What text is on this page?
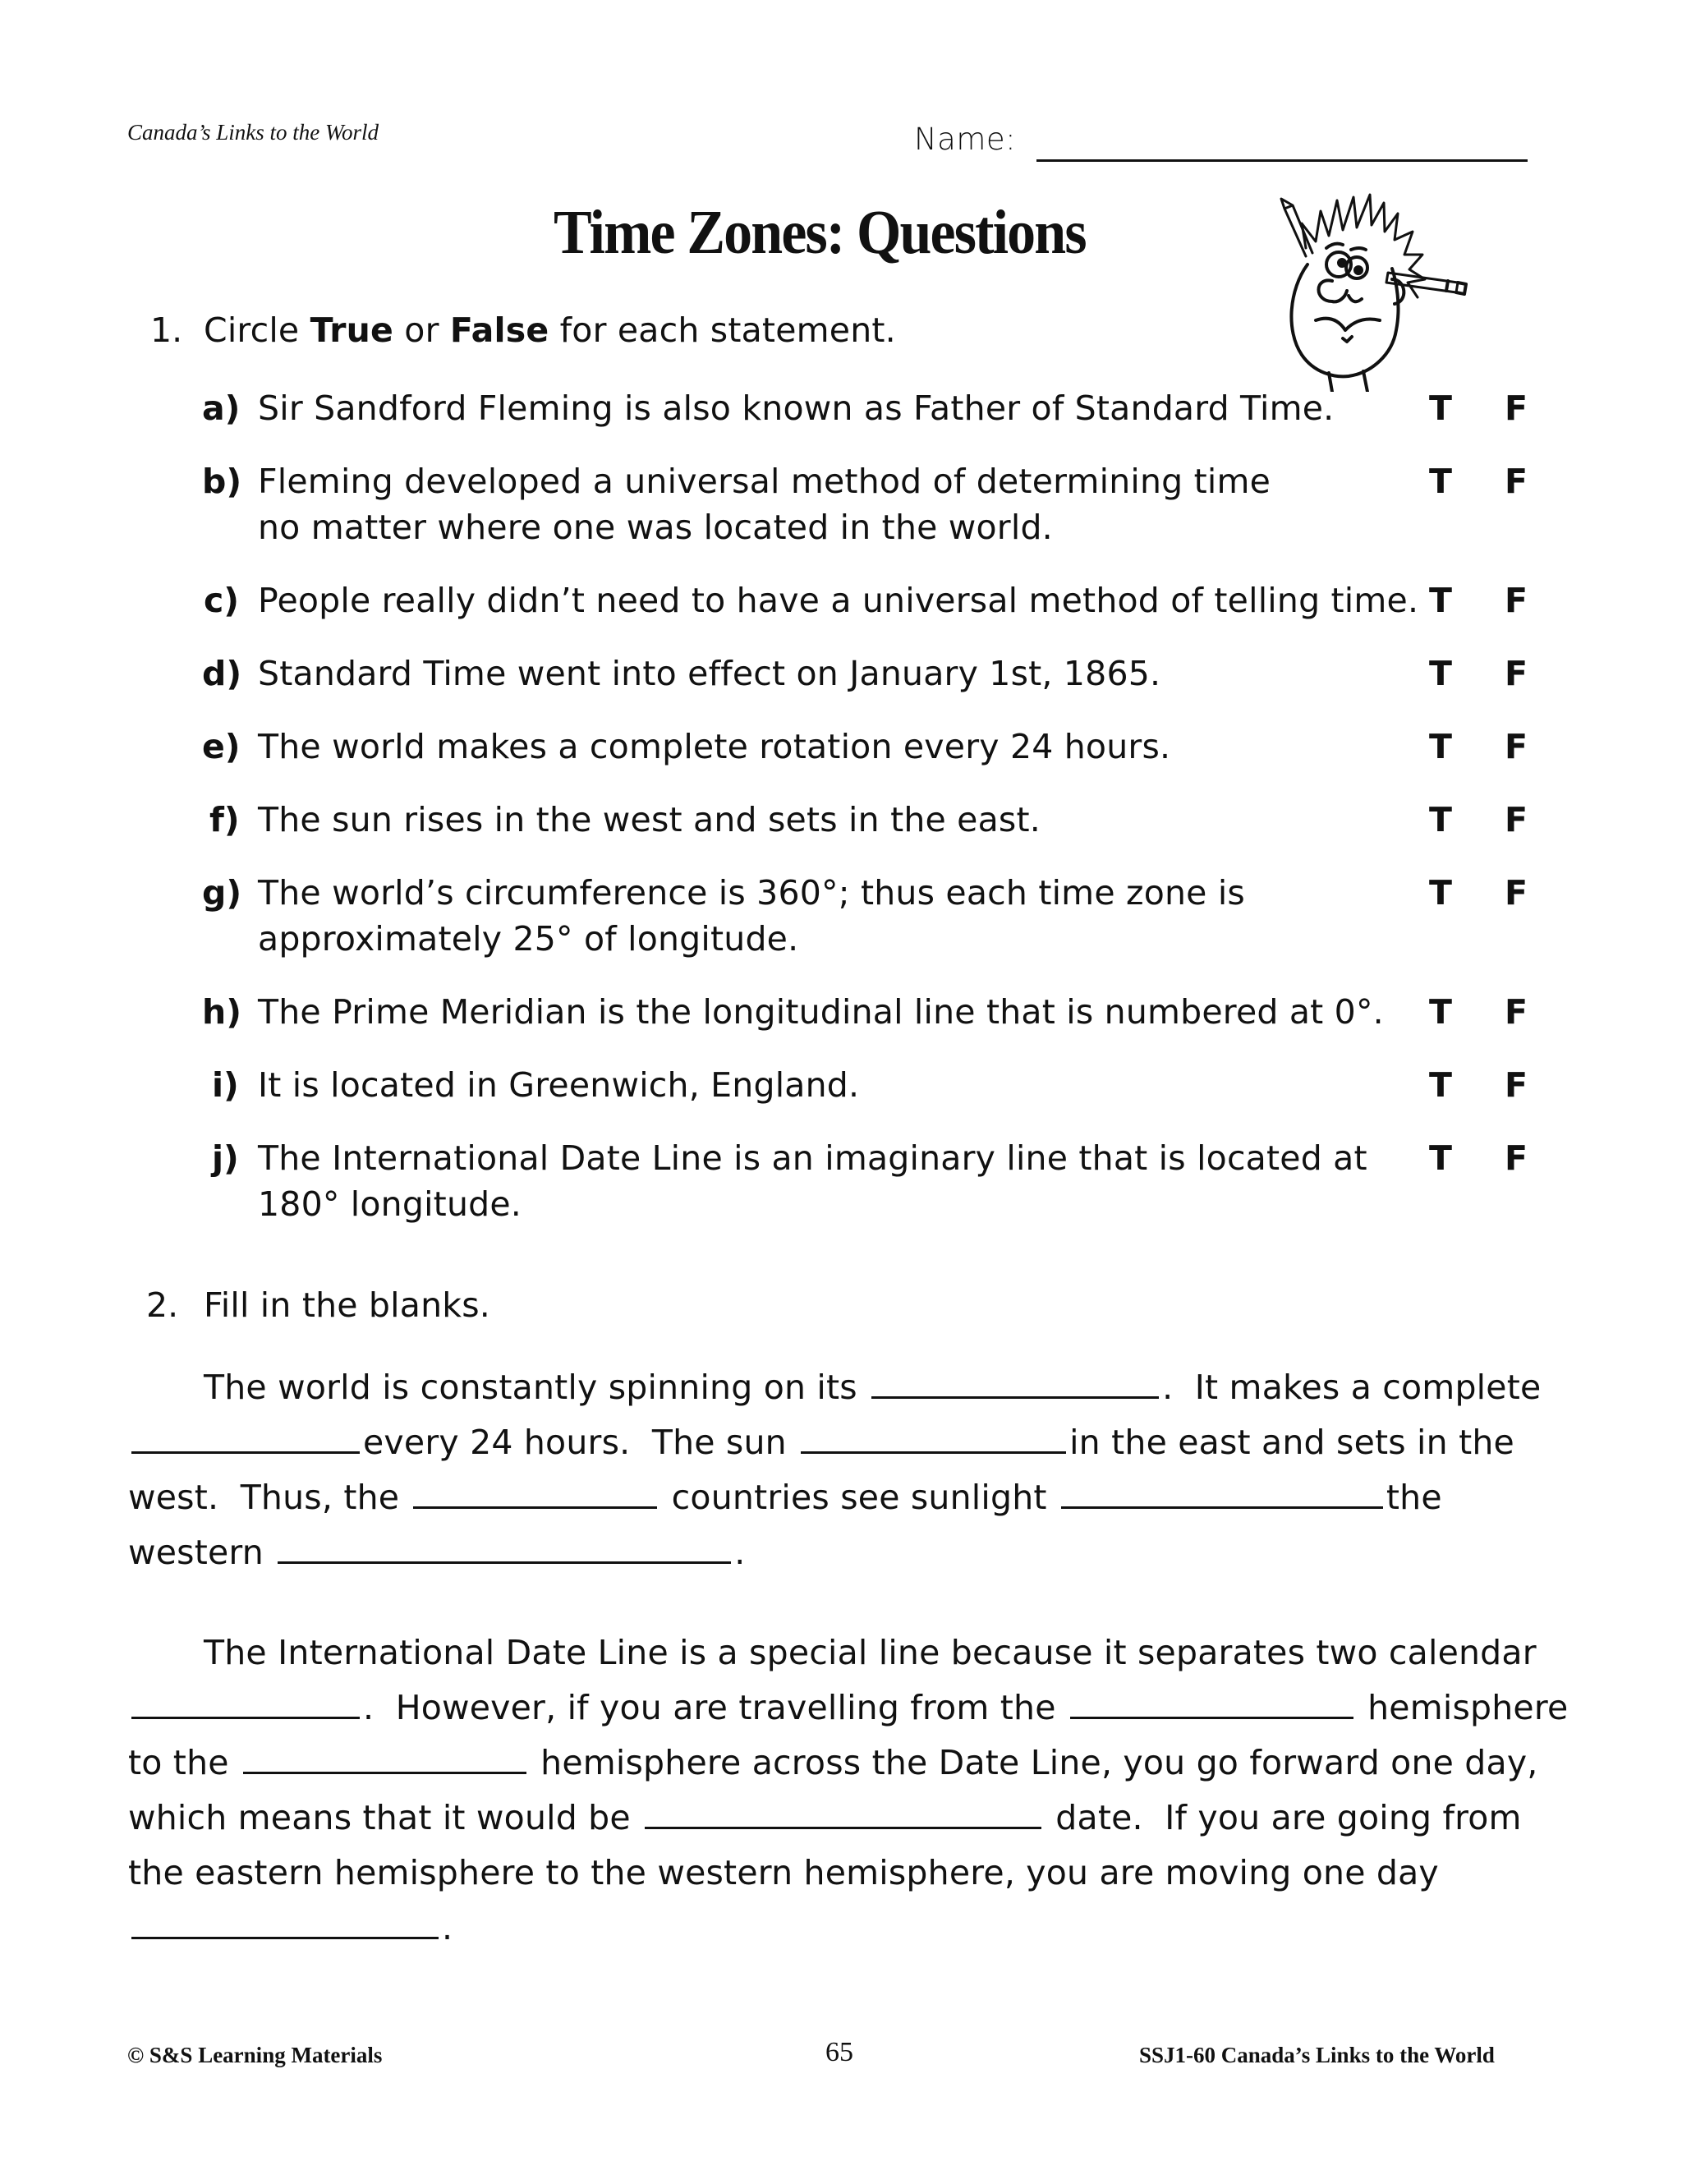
Canada’s Links to the World	Name:
Time Zones: Questions
1. Circle True or False for each statement.
a) Sir Sandford Fleming is also known as Father of Standard Time.	T F
b) Fleming developed a universal method of determining time
no matter where one was located in the world.
T F
c) People really didn’t need to have a universal method of telling time. T F
d) Standard Time went into effect on January 1st, 1865.	T F
e) The world makes a complete rotation every 24 hours.	T F
f) The sun rises in the west and sets in the east.	T F
g) The world’s circumference is 360°; thus each time zone is
approximately 25° of longitude.
T F
h) The Prime Meridian is the longitudinal line that is numbered at 0°. T F
i) It is located in Greenwich, England.	T F
j) The International Date Line is an imaginary line that is located at
180° longitude.
T F
2. Fill in the blanks.
The world is constantly spinning on its	.  It makes a complete
every 24 hours.  The sun	in the east and sets in the
west.  Thus, the	countries see sunlight	the
western	.
The International Date Line is a special line because it separates two calendar
.  However, if you are travelling from the	hemisphere
to the	hemisphere across the Date Line, you go forward one day,
which means that it would be	date.  If you are going from
the eastern hemisphere to the western hemisphere, you are moving one day
.
© S&S Learning Materials	65	SSJ1-60 Canada’s Links to the World
